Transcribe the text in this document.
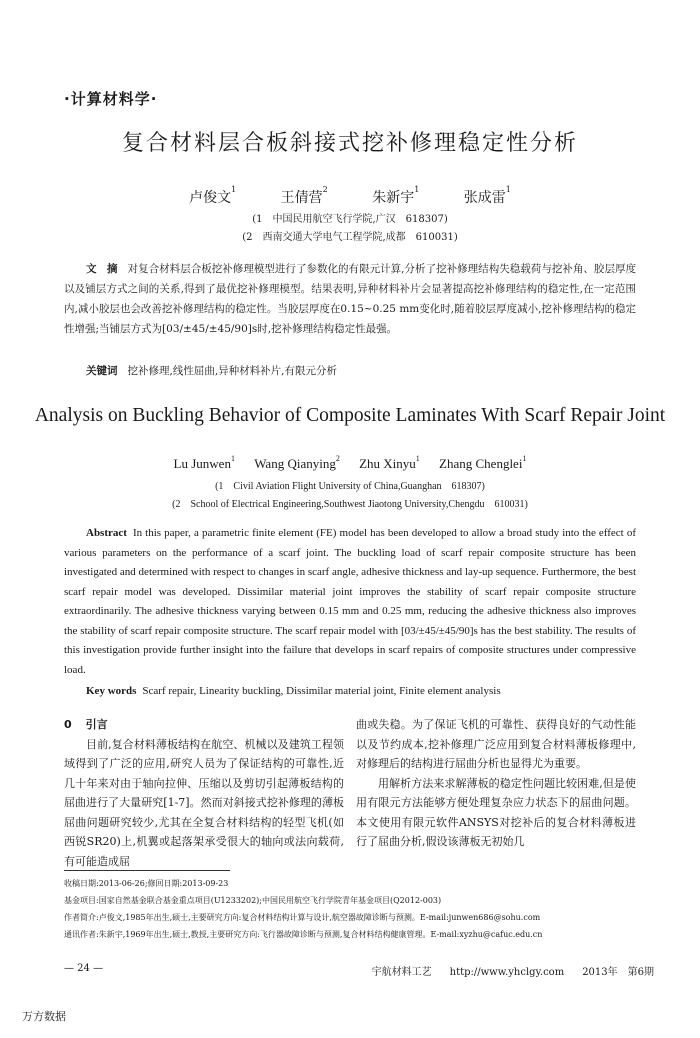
·计算材料学·
复合材料层合板斜接式挖补修理稳定性分析
卢俊文$^1$ 王倩营$^2$ 朱新宇$^1$ 张成雷$^1$
(1　中国民用航空飞行学院,广汉　618307)
(2　西南交通大学电气工程学院,成都　610031)
文　摘 对复合材料层合板挖补修理模型进行了参数化的有限元计算,分析了挖补修理结构失稳载荷与挖补角、胶层厚度以及铺层方式之间的关系,得到了最优挖补修理模型。结果表明,异种材料补片会显著提高挖补修理结构的稳定性,在一定范围内,减小胶层也会改善挖补修理结构的稳定性。当胶层厚度在0.15~0.25 mm变化时,随着胶层厚度减小,挖补修理结构的稳定性增强;当铺层方式为[03/±45/±45/90]s时,挖补修理结构稳定性最强。
关键词 挖补修理,线性屈曲,异种材料补片,有限元分析
Analysis on Buckling Behavior of Composite Laminates With Scarf Repair Joint
Lu Junwen$^1$ Wang Qianying$^2$ Zhu Xinyu$^1$ Zhang Chenglei$^1$
(1　Civil Aviation Flight University of China,Guanghan　618307)
(2　School of Electrical Engineering,Southwest Jiaotong University,Chengdu　610031)
Abstract In this paper, a parametric finite element (FE) model has been developed to allow a broad study into the effect of various parameters on the performance of a scarf joint. The buckling load of scarf repair composite structure has been investigated and determined with respect to changes in scarf angle, adhesive thickness and lay-up sequence. Furthermore, the best scarf repair model was developed. Dissimilar material joint improves the stability of scarf repair composite structure extraordinarily. The adhesive thickness varying between 0.15 mm and 0.25 mm, reducing the adhesive thickness also improves the stability of scarf repair composite structure. The scarf repair model with [03/±45/±45/90]s has the best stability. The results of this investigation provide further insight into the failure that develops in scarf repairs of composite structures under compressive load.
Key words Scarf repair, Linearity buckling, Dissimilar material joint, Finite element analysis

0 引言

目前,复合材料薄板结构在航空、机械以及建筑工程领域得到了广泛的应用,研究人员为了保证结构的可靠性,近几十年来对由于轴向拉伸、压缩以及剪切引起薄板结构的屈曲进行了大量研究[1-7]。然而对斜接式挖补修理的薄板屈曲问题研究较少,尤其在全复合材料结构的轻型飞机(如西锐SR20)上,机翼或起落架承受很大的轴向或法向载荷,有可能造成屈

曲或失稳。为了保证飞机的可靠性、获得良好的气动性能以及节约成本,挖补修理广泛应用到复合材料薄板修理中,对修理后的结构进行屈曲分析也显得尤为重要。

用解析方法来求解薄板的稳定性问题比较困难,但是使用有限元方法能够方便处理复杂应力状态下的屈曲问题。本文使用有限元软件ANSYS对挖补后的复合材料薄板进行了屈曲分析,假设该薄板无初始几

收稿日期:2013-06-26;修回日期:2013-09-23
基金项目:国家自然基金联合基金重点项目(U1233202);中国民用航空飞行学院青年基金项目(Q2012-003)
作者简介:卢俊文,1985年出生,硕士,主要研究方向:复合材料结构计算与设计,航空器故障诊断与预测。E-mail:junwen686@sohu.com
通讯作者:朱新宇,1969年出生,硕士,教授,主要研究方向:飞行器故障诊断与预测,复合材料结构健康管理。E-mail:xyzhu@cafuc.edu.cn
— 24 —	宇航材料工艺 http://www.yhclgy.com 2013年　第6期
万方数据
